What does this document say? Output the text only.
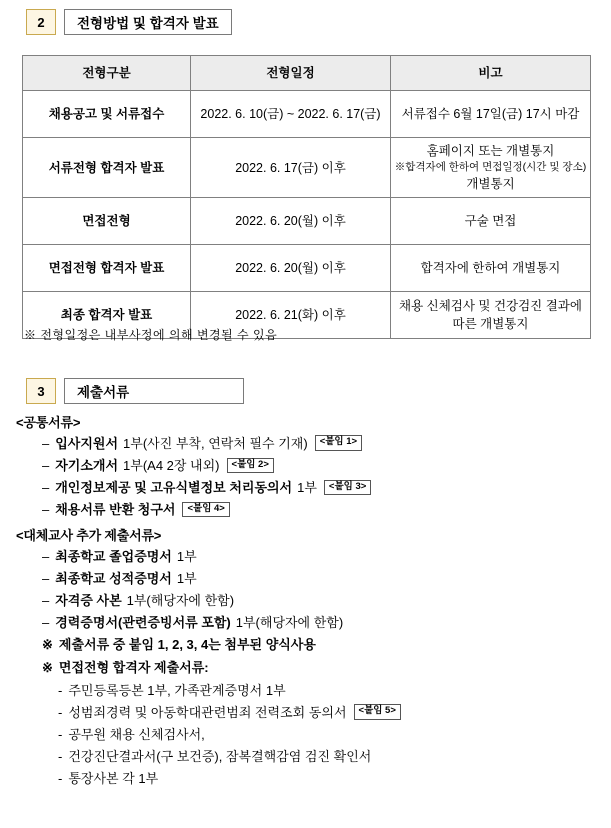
2	전형방법 및 합격자 발표
전형구분	전형일정	비고
채용공고 및 서류접수	2022. 6. 10(금) ~ 2022. 6. 17(금)	서류접수 6월 17일(금) 17시 마감

서류전형 합격자 발표	2022. 6. 17(금) 이후	홈페이지 또는 개별통지
※합격자에 한하여 면접일정(시간 및 장소)
개별통지

면접전형	2022. 6. 20(월) 이후	구술 면접

면접전형 합격자 발표	2022. 6. 20(월) 이후	합격자에 한하여 개별통지

최종 합격자 발표	2022. 6. 21(화) 이후	채용 신체검사 및 건강검진 결과에
따른 개별통지
※ 전형일정은 내부사정에 의해 변경될 수 있음
3	제출서류
<공통서류>
– 입사지원서 1부(사진 부착, 연락처 필수 기재)	<붙임 1>
– 자기소개서 1부(A4 2장 내외)	<붙임 2>
– 개인정보제공 및 고유식별정보 처리동의서 1부	<붙임 3>
– 채용서류 반환 청구서	<붙임 4>
<대체교사 추가 제출서류>
– 최종학교 졸업증명서 1부
– 최종학교 성적증명서 1부
– 자격증 사본 1부(해당자에 한함)
– 경력증명서(관련증빙서류 포함) 1부(해당자에 한함)
※ 제출서류 중 붙임 1, 2, 3, 4는 첨부된 양식사용
※ 면접전형 합격자 제출서류:
- 주민등록등본 1부, 가족관계증명서 1부
- 성범죄경력 및 아동학대관련범죄 전력조회 동의서	<붙임 5>
- 공무원 채용 신체검사서,
- 건강진단결과서(구 보건증), 잠복결핵감염 검진 확인서
- 통장사본 각 1부
